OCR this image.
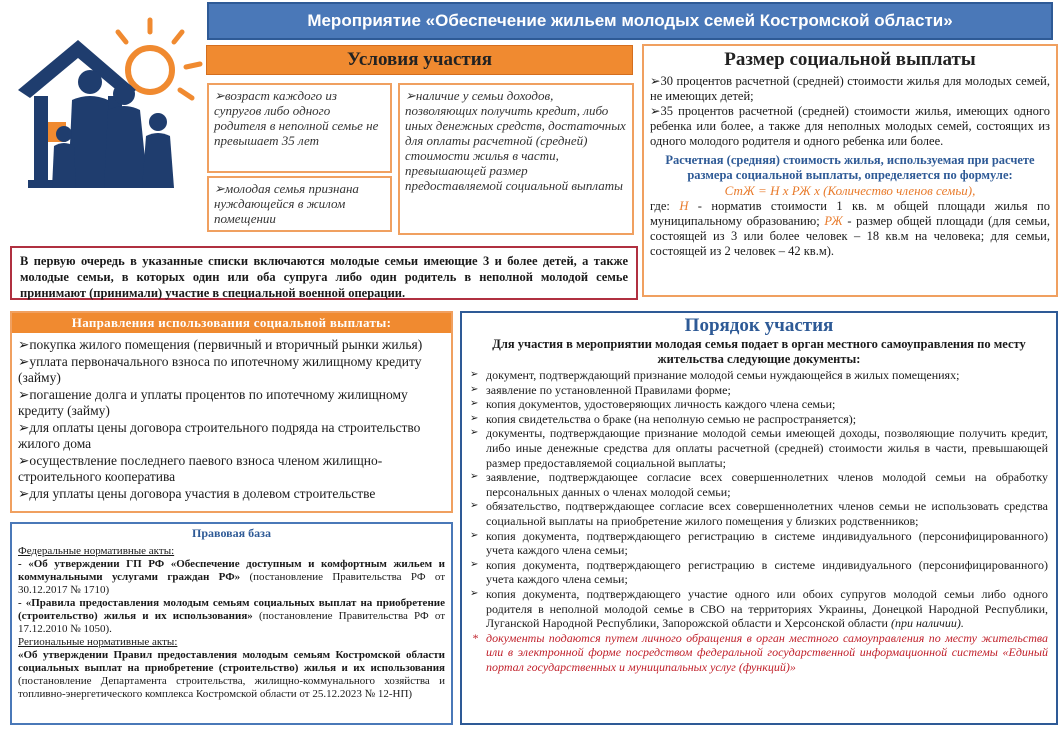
Мероприятие «Обеспечение жильем молодых семей Костромской области»
Условия участия
➢возраст каждого из супругов либо одного родителя в неполной семье не превышает 35 лет
➢молодая семья признана нуждающейся в жилом помещении
➢наличие у семьи доходов, позволяющих получить кредит, либо иных денежных средств, достаточных для оплаты расчетной (средней) стоимости жилья в части, превышающей размер предоставляемой социальной выплаты
В первую очередь в указанные списки включаются молодые семьи имеющие 3 и более детей, а также молодые семьи, в которых один или оба супруга либо один родитель в неполной молодой семье принимают (принимали) участие в специальной военной операции.
Размер социальной выплаты
➢30 процентов расчетной (средней) стоимости жилья для молодых семей, не имеющих детей;
➢35 процентов расчетной (средней) стоимости жилья, имеющих одного ребенка или более, а также для неполных молодых семей, состоящих из одного молодого родителя и одного ребенка или более.
Расчетная (средняя) стоимость жилья, используемая при расчете размера социальной выплаты, определяется по формуле:
СтЖ = Н х РЖ х (Количество членов семьи),
где: Н - норматив стоимости 1 кв. м общей площади жилья по муниципальному образованию; РЖ - размер общей площади (для семьи, состоящей из 3 или более человек – 18 кв.м на человека; для семьи, состоящей из 2 человек – 42 кв.м).
Направления использования социальной выплаты:
➢покупка жилого помещения (первичный и вторичный рынки жилья)
➢уплата первоначального взноса по ипотечному жилищному кредиту (займу)
➢погашение долга и уплаты процентов по ипотечному жилищному кредиту (займу)
➢для оплаты цены договора строительного подряда на строительство жилого дома
➢осуществление последнего паевого взноса членом жилищно-строительного кооператива
➢для уплаты цены договора участия в долевом строительстве
Правовая база
Федеральные нормативные акты:
- «Об утверждении ГП РФ «Обеспечение доступным и комфортным жильем и коммунальными услугами граждан РФ» (постановление Правительства РФ от 30.12.2017 № 1710)
- «Правила предоставления молодым семьям социальных выплат на приобретение (строительство) жилья и их использования» (постановление Правительства РФ от 17.12.2010 № 1050).
Региональные нормативные акты:
«Об утверждении Правил предоставления молодым семьям Костромской области социальных выплат на приобретение (строительство) жилья и их использования (постановление Департамента строительства, жилищно-коммунального хозяйства и топливно-энергетического комплекса Костромской области от 25.12.2023 № 12-НП)
Порядок участия
Для участия в мероприятии молодая семья подает в орган местного самоуправления по месту жительства следующие документы:
➢ документ, подтверждающий признание молодой семьи нуждающейся в жилых помещениях;
➢ заявление по установленной Правилами форме;
➢ копия документов, удостоверяющих личность каждого члена семьи;
➢ копия свидетельства о браке (на неполную семью не распространяется);
➢ документы, подтверждающие признание молодой семьи имеющей доходы, позволяющие получить кредит, либо иные денежные средства для оплаты расчетной (средней) стоимости жилья в части, превышающей размер предоставляемой социальной выплаты;
➢ заявление, подтверждающее согласие всех совершеннолетних членов молодой семьи на обработку персональных данных о членах молодой семьи;
➢ обязательство, подтверждающее согласие всех совершеннолетних членов семьи не использовать средства социальной выплаты на приобретение жилого помещения у близких родственников;
➢ копия документа, подтверждающего регистрацию в системе индивидуального (персонифицированного) учета каждого члена семьи;
➢ копия документа, подтверждающего регистрацию в системе индивидуального (персонифицированного) учета каждого члена семьи;
➢ копия документа, подтверждающего участие одного или обоих супругов молодой семьи либо одного родителя в неполной молодой семье в СВО на территориях Украины, Донецкой Народной Республики, Луганской Народной Республики, Запорожской области и Херсонской области (при наличии).
* документы подаются путем личного обращения в орган местного самоуправления по месту жительства или в электронной форме посредством федеральной государственной информационной системы «Единый портал государственных и муниципальных услуг (функций)»
